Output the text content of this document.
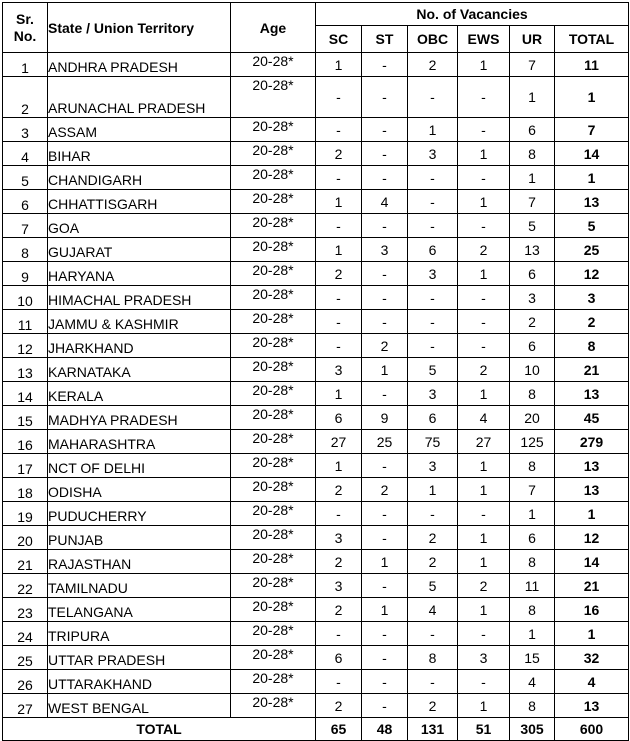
Sr. No.	State / Union Territory	Age	No. of Vacancies					
			SC	ST	OBC	EWS	UR	TOTAL
1	ANDHRA PRADESH	20-28*	1	-	2	1	7	11
2	ARUNACHAL PRADESH	20-28*	-	-	-	-	1	1
3	ASSAM	20-28*	-	-	1	-	6	7
4	BIHAR	20-28*	2	-	3	1	8	14
5	CHANDIGARH	20-28*	-	-	-	-	1	1
6	CHHATTISGARH	20-28*	1	4	-	1	7	13
7	GOA	20-28*	-	-	-	-	5	5
8	GUJARAT	20-28*	1	3	6	2	13	25
9	HARYANA	20-28*	2	-	3	1	6	12
10	HIMACHAL PRADESH	20-28*	-	-	-	-	3	3
11	JAMMU & KASHMIR	20-28*	-	-	-	-	2	2
12	JHARKHAND	20-28*	-	2	-	-	6	8
13	KARNATAKA	20-28*	3	1	5	2	10	21
14	KERALA	20-28*	1	-	3	1	8	13
15	MADHYA PRADESH	20-28*	6	9	6	4	20	45
16	MAHARASHTRA	20-28*	27	25	75	27	125	279
17	NCT OF DELHI	20-28*	1	-	3	1	8	13
18	ODISHA	20-28*	2	2	1	1	7	13
19	PUDUCHERRY	20-28*	-	-	-	-	1	1
20	PUNJAB	20-28*	3	-	2	1	6	12
21	RAJASTHAN	20-28*	2	1	2	1	8	14
22	TAMILNADU	20-28*	3	-	5	2	11	21
23	TELANGANA	20-28*	2	1	4	1	8	16
24	TRIPURA	20-28*	-	-	-	-	1	1
25	UTTAR PRADESH	20-28*	6	-	8	3	15	32
26	UTTARAKHAND	20-28*	-	-	-	-	4	4
27	WEST BENGAL	20-28*	2	-	2	1	8	13
TOTAL			65	48	131	51	305	600
